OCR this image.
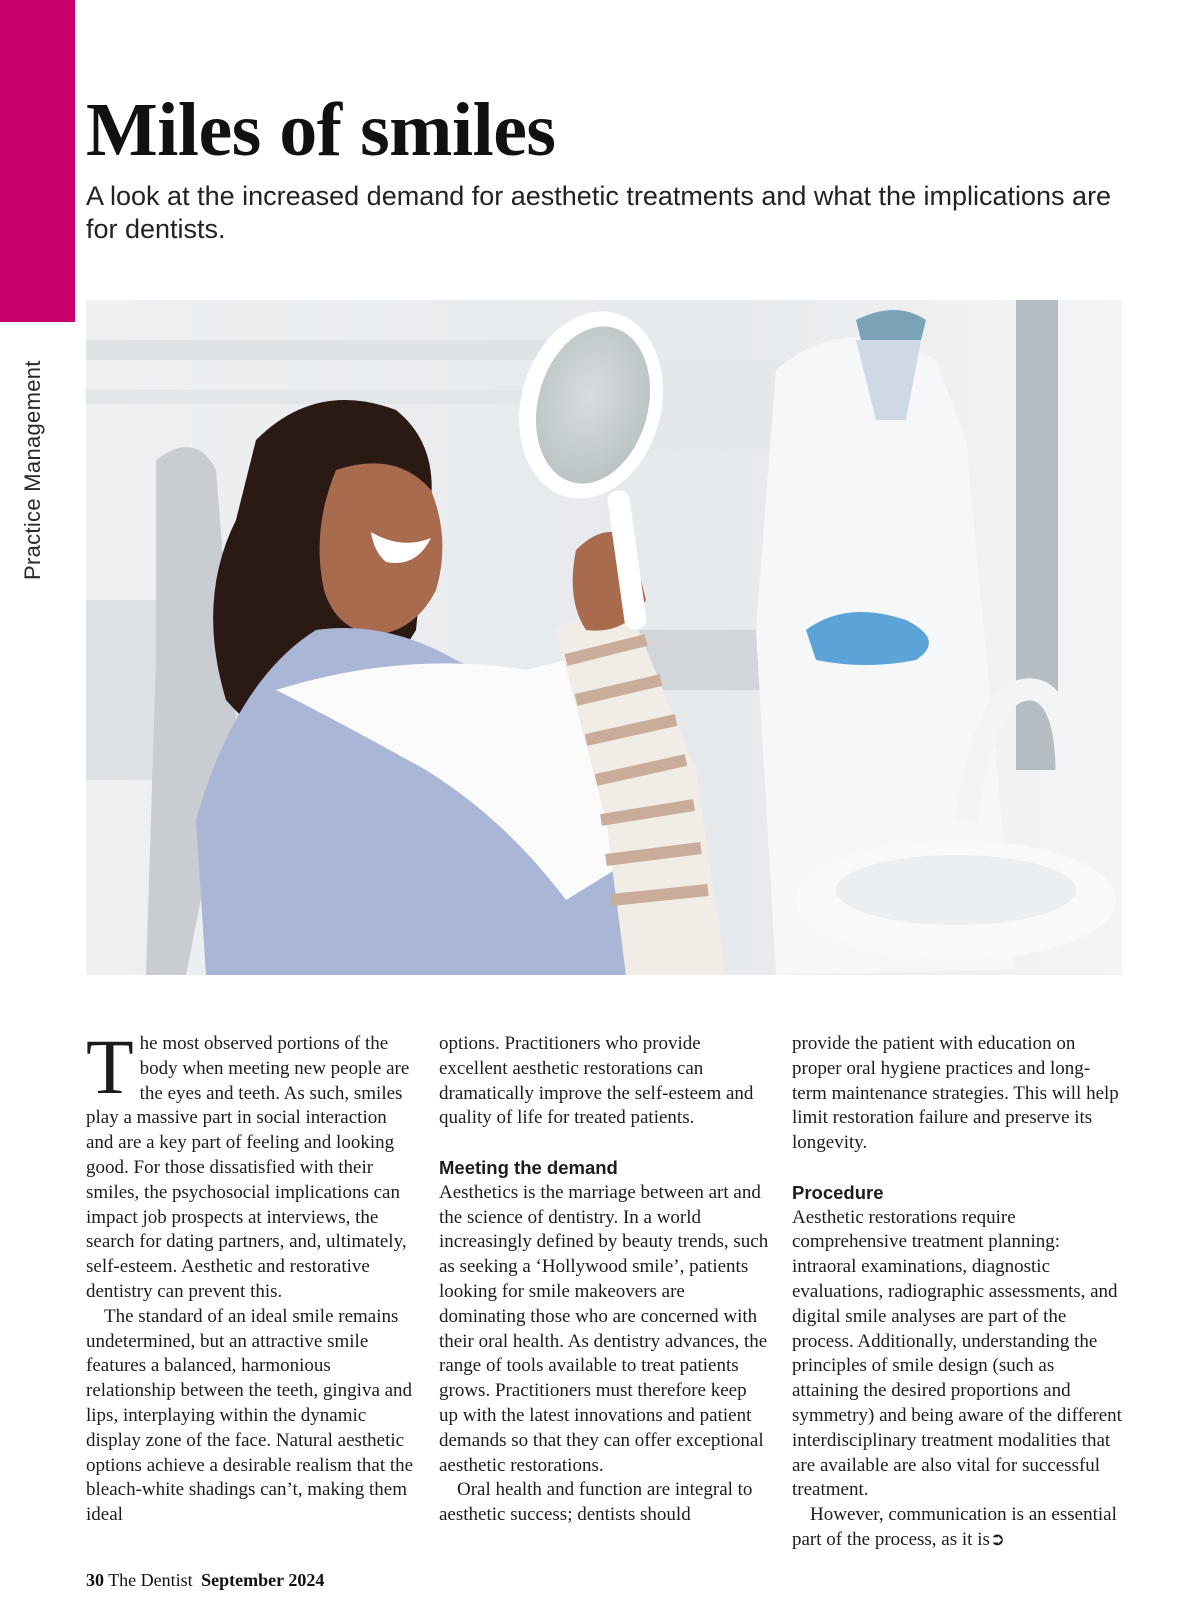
Practice Management
Miles of smiles

A look at the increased demand for aesthetic treatments and what the implications are for dentists.

T he most observed portions of the body when meeting new people are the eyes and teeth. As such, smiles play a massive part in social interaction and are a key part of feeling and looking good. For those dissatisfied with their smiles, the psychosocial implications can impact job prospects at interviews, the search for dating partners, and, ultimately, self-esteem. Aesthetic and restorative dentistry can prevent this.

The standard of an ideal smile remains undetermined, but an attractive smile features a balanced, harmonious relationship between the teeth, gingiva and lips, interplaying within the dynamic display zone of the face. Natural aesthetic options achieve a desirable realism that the bleach-white shadings can’t, making them ideal

options. Practitioners who provide excellent aesthetic restorations can dramatically improve the self-esteem and quality of life for treated patients.

Meeting the demand

Aesthetics is the marriage between art and the science of dentistry. In a world increasingly defined by beauty trends, such as seeking a ‘Hollywood smile’, patients looking for smile makeovers are dominating those who are concerned with their oral health. As dentistry advances, the range of tools available to treat patients grows. Practitioners must therefore keep up with the latest innovations and patient demands so that they can offer exceptional aesthetic restorations.

Oral health and function are integral to aesthetic success; dentists should

provide the patient with education on proper oral hygiene practices and long-term maintenance strategies. This will help limit restoration failure and preserve its longevity.

Procedure

Aesthetic restorations require comprehensive treatment planning: intraoral examinations, diagnostic evaluations, radiographic assessments, and digital smile analyses are part of the process. Additionally, understanding the principles of smile design (such as attaining the desired proportions and symmetry) and being aware of the different interdisciplinary treatment modalities that are available are also vital for successful treatment.

However, communication is an essential part of the process, as it is➲

30 The Dentist September 2024
